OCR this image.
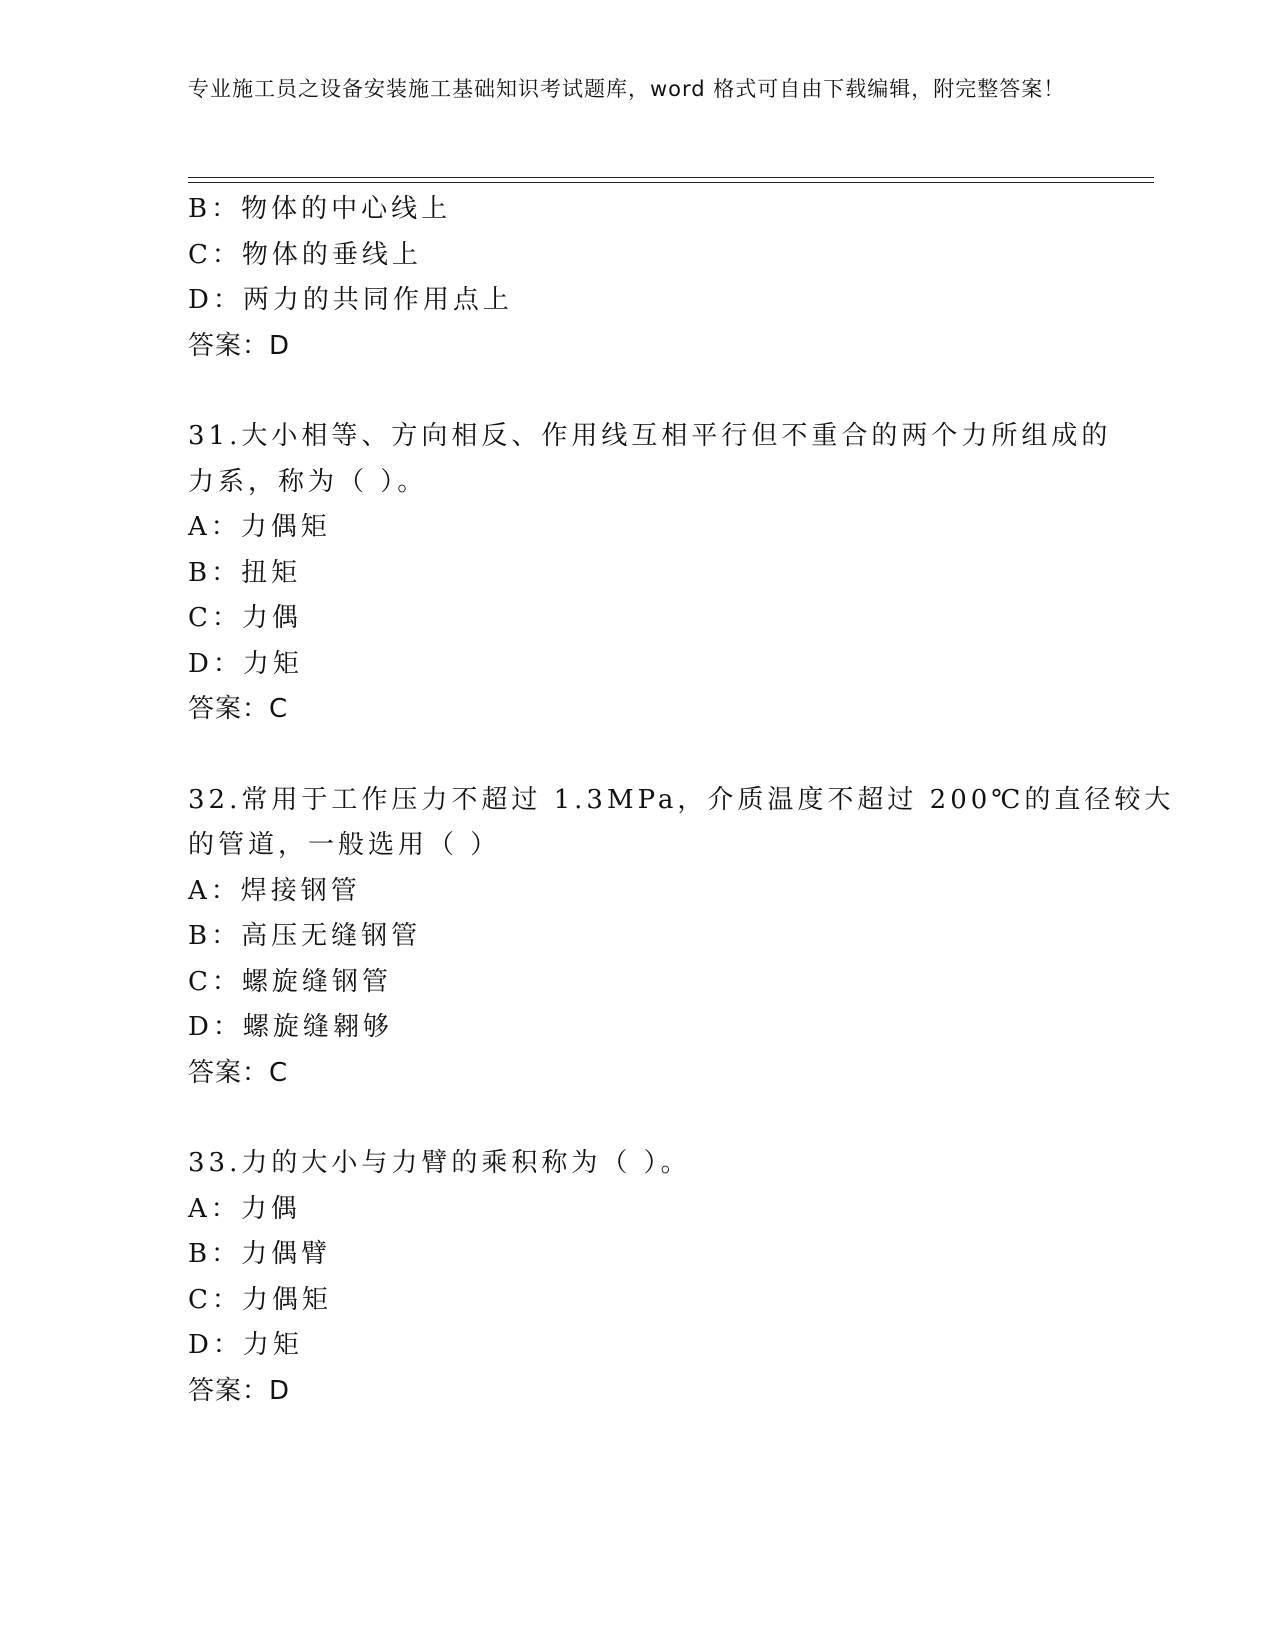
专业施工员之设备安装施工基础知识考试题库，word 格式可自由下载编辑，附完整答案！
B：物体的中心线上
C：物体的垂线上
D：两力的共同作用点上
答案：D
31.大小相等、方向相反、作用线互相平行但不重合的两个力所组成的
力系，称为（ ）。
A：力偶矩
B：扭矩
C：力偶
D：力矩
答案：C
32.常用于工作压力不超过 1.3MPa，介质温度不超过 200℃的直径较大
的管道，一般选用（ ）
A：焊接钢管
B：高压无缝钢管
C：螺旋缝钢管
D：螺旋缝翱够
答案：C
33.力的大小与力臂的乘积称为（ ）。
A：力偶
B：力偶臂
C：力偶矩
D：力矩
答案：D
